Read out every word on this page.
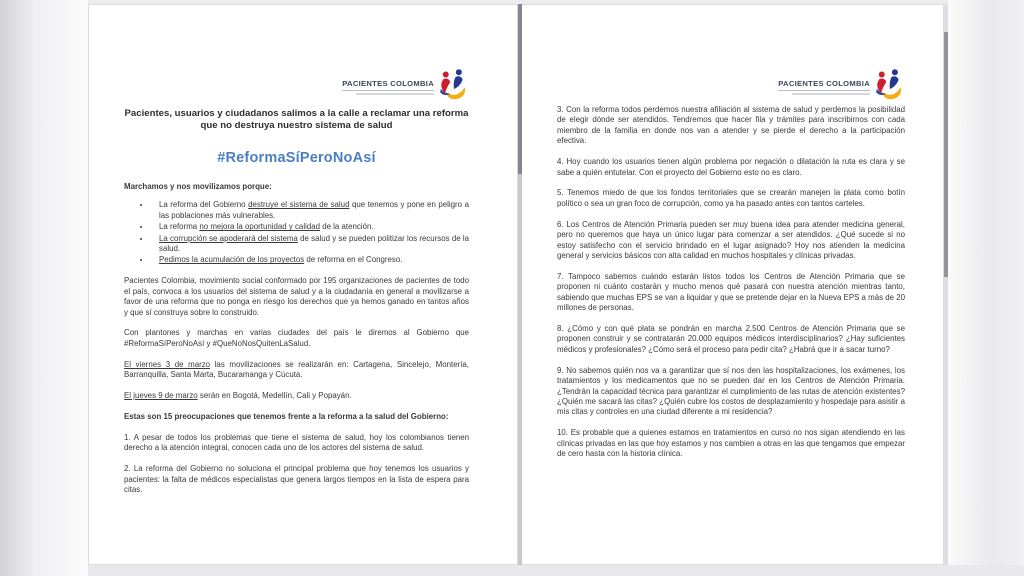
PACIENTES COLOMBIA
Pacientes, usuarios y ciudadanos salimos a la calle a reclamar una reforma que no destruya nuestro sistema de salud
#ReformaSíPeroNoAsí

Marchamos y nos movilizamos porque:

• La reforma del Gobierno destruye el sistema de salud que tenemos y pone en peligro a las poblaciones más vulnerables.
• La reforma no mejora la oportunidad y calidad de la atención.
• La corrupción se apoderará del sistema de salud y se pueden politizar los recursos de la salud.
• Pedimos la acumulación de los proyectos de reforma en el Congreso.

Pacientes Colombia, movimiento social conformado por 195 organizaciones de pacientes de todo el país, convoca a los usuarios del sistema de salud y a la ciudadanía en general a movilizarse a favor de una reforma que no ponga en riesgo los derechos que ya hemos ganado en tantos años y que sí construya sobre lo construido.

Con plantones y marchas en varias ciudades del país le diremos al Gobierno que #ReformaSíPeroNoAsí y #QueNoNosQuitenLaSalud.

El viernes 3 de marzo las movilizaciones se realizarán en: Cartagena, Sincelejo, Montería, Barranquilla, Santa Marta, Bucaramanga y Cúcuta.

El jueves 9 de marzo serán en Bogotá, Medellín, Cali y Popayán.

Estas son 15 preocupaciones que tenemos frente a la reforma a la salud del Gobierno:

1. A pesar de todos los problemas que tiene el sistema de salud, hoy los colombianos tienen derecho a la atención integral, conocen cada uno de los actores del sistema de salud.

2. La reforma del Gobierno no soluciona el principal problema que hoy tenemos los usuarios y pacientes: la falta de médicos especialistas que genera largos tiempos en la lista de espera para citas.

PACIENTES COLOMBIA

3. Con la reforma todos perdemos nuestra afiliación al sistema de salud y perdemos la posibilidad de elegir dónde ser atendidos. Tendremos que hacer fila y trámites para inscribirnos con cada miembro de la familia en donde nos van a atender y se pierde el derecho a la participación efectiva.

4. Hoy cuando los usuarios tienen algún problema por negación o dilatación la ruta es clara y se sabe a quién entutelar. Con el proyecto del Gobierno esto no es claro.

5. Tenemos miedo de que los fondos territoriales que se crearán manejen la plata como botín político o sea un gran foco de corrupción, como ya ha pasado antes con tantos carteles.

6. Los Centros de Atención Primaria pueden ser muy buena idea para atender medicina general, pero no queremos que haya un único lugar para comenzar a ser atendidos. ¿Qué sucede si no estoy satisfecho con el servicio brindado en el lugar asignado? Hoy nos atienden la medicina general y servicios básicos con alta calidad en muchos hospitales y clínicas privadas.

7. Tampoco sabemos cuándo estarán listos todos los Centros de Atención Primaria que se proponen ni cuánto costarán y mucho menos qué pasará con nuestra atención mientras tanto, sabiendo que muchas EPS se van a liquidar y que se pretende dejar en la Nueva EPS a más de 20 millones de personas.

8. ¿Cómo y con qué plata se pondrán en marcha 2.500 Centros de Atención Primaria que se proponen construir y se contratarán 20.000 equipos médicos interdisciplinarios? ¿Hay suficientes médicos y profesionales? ¿Cómo será el proceso para pedir cita? ¿Habrá que ir a sacar turno?

9. No sabemos quién nos va a garantizar que sí nos den las hospitalizaciones, los exámenes, los tratamientos y los medicamentos que no se pueden dar en los Centros de Atención Primaria. ¿Tendrán la capacidad técnica para garantizar el cumplimiento de las rutas de atención existentes? ¿Quién me sacará las citas? ¿Quién cubre los costos de desplazamiento y hospedaje para asistir a mis citas y controles en una ciudad diferente a mi residencia?

10. Es probable que a quienes estamos en tratamientos en curso no nos sigan atendiendo en las clínicas privadas en las que hoy estamos y nos cambien a otras en las que tengamos que empezar de cero hasta con la historia clínica.
